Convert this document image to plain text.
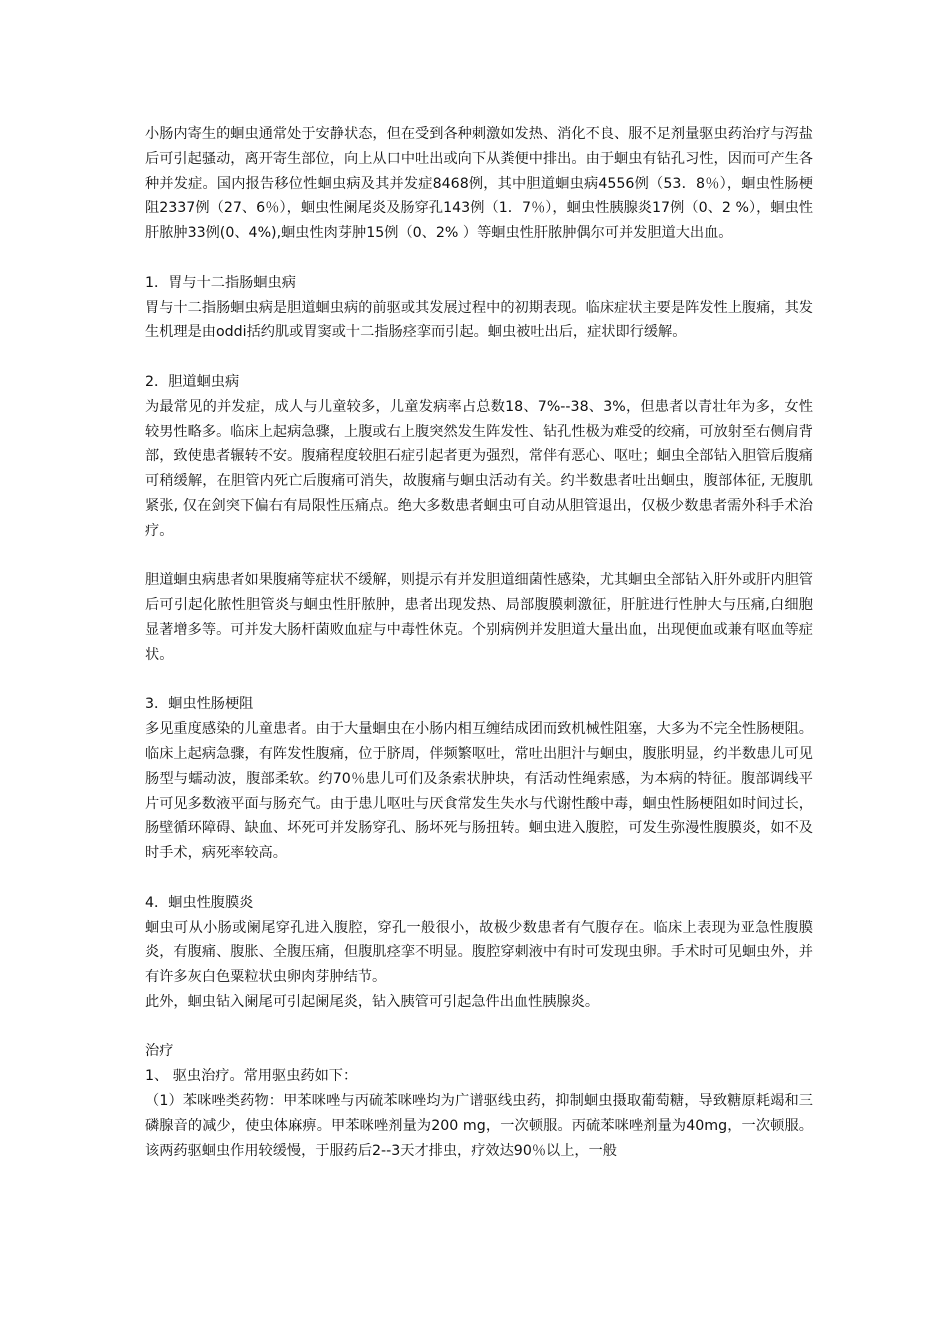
小肠内寄生的蛔虫通常处于安静状态，但在受到各种刺激如发热、消化不良、服不足剂量驱虫药治疗与泻盐后可引起骚动，离开寄生部位，向上从口中吐出或向下从粪便中排出。由于蛔虫有钻孔习性，因而可产生各种并发症。国内报告移位性蛔虫病及其并发症8468例，其中胆道蛔虫病4556例（53．8％），蛔虫性肠梗阻2337例（27、6％），蛔虫性阑尾炎及肠穿孔143例（1．7％），蛔虫性胰腺炎17例（0、2 %），蛔虫性肝脓肿33例(0、4%),蛔虫性肉芽肿15例（0、2% ）等蛔虫性肝脓肿偶尔可并发胆道大出血。

1．胃与十二指肠蛔虫病

胃与十二指肠蛔虫病是胆道蛔虫病的前驱或其发展过程中的初期表现。临床症状主要是阵发性上腹痛，其发生机理是由oddi括约肌或胃窦或十二指肠痉挛而引起。蛔虫被吐出后，症状即行缓解。

2．胆道蛔虫病

为最常见的并发症，成人与儿童较多，儿童发病率占总数18、7%--38、3%，但患者以青壮年为多，女性较男性略多。临床上起病急骤，上腹或右上腹突然发生阵发性、钻孔性极为难受的绞痛，可放射至右侧肩背部，致使患者辗转不安。腹痛程度较胆石症引起者更为强烈，常伴有恶心、呕吐；蛔虫全部钻入胆管后腹痛可稍缓解，在胆管内死亡后腹痛可消失，故腹痛与蛔虫活动有关。约半数患者吐出蛔虫，腹部体征, 无腹肌紧张, 仅在剑突下偏右有局限性压痛点。绝大多数患者蛔虫可自动从胆管退出，仅极少数患者需外科手术治疗。

胆道蛔虫病患者如果腹痛等症状不缓解，则提示有并发胆道细菌性感染，尤其蛔虫全部钻入肝外或肝内胆管后可引起化脓性胆管炎与蛔虫性肝脓肿，患者出现发热、局部腹膜刺激征，肝脏进行性肿大与压痛,白细胞显著增多等。可并发大肠杆菌败血症与中毒性休克。个别病例并发胆道大量出血，出现便血或兼有呕血等症状。

3．蛔虫性肠梗阻

多见重度感染的儿童患者。由于大量蛔虫在小肠内相互缠结成团而致机械性阻塞，大多为不完全性肠梗阻。临床上起病急骤，有阵发性腹痛，位于脐周，伴频繁呕吐，常吐出胆汁与蛔虫，腹胀明显，约半数患儿可见肠型与蠕动波，腹部柔软。约70％患儿可们及条索状肿块，有活动性绳索感，为本病的特征。腹部调线平片可见多数液平面与肠充气。由于患儿呕吐与厌食常发生失水与代谢性酸中毒，蛔虫性肠梗阻如时间过长，肠壁循环障碍、缺血、坏死可并发肠穿孔、肠坏死与肠扭转。蛔虫进入腹腔，可发生弥漫性腹膜炎，如不及时手术，病死率较高。

4．蛔虫性腹膜炎

蛔虫可从小肠或阑尾穿孔进入腹腔，穿孔一般很小，故极少数患者有气腹存在。临床上表现为亚急性腹膜炎，有腹痛、腹胀、全腹压痛，但腹肌痉挛不明显。腹腔穿刺液中有时可发现虫卵。手术时可见蛔虫外，并有许多灰白色粟粒状虫卵肉芽肿结节。

此外，蛔虫钻入阑尾可引起阑尾炎，钻入胰管可引起急件出血性胰腺炎。

治疗

1、 驱虫治疗。常用驱虫药如下：

（1）苯咪唑类药物：甲苯咪唑与丙硫苯咪唑均为广谱驱线虫药，抑制蛔虫摄取葡萄糖，导致糖原耗竭和三磷腺音的减少，使虫体麻痹。甲苯咪唑剂量为200 mg，一次顿服。丙硫苯咪唑剂量为40mg，一次顿服。该两药驱蛔虫作用较缓慢，于服药后2--3天才排虫，疗效达90％以上，一般
